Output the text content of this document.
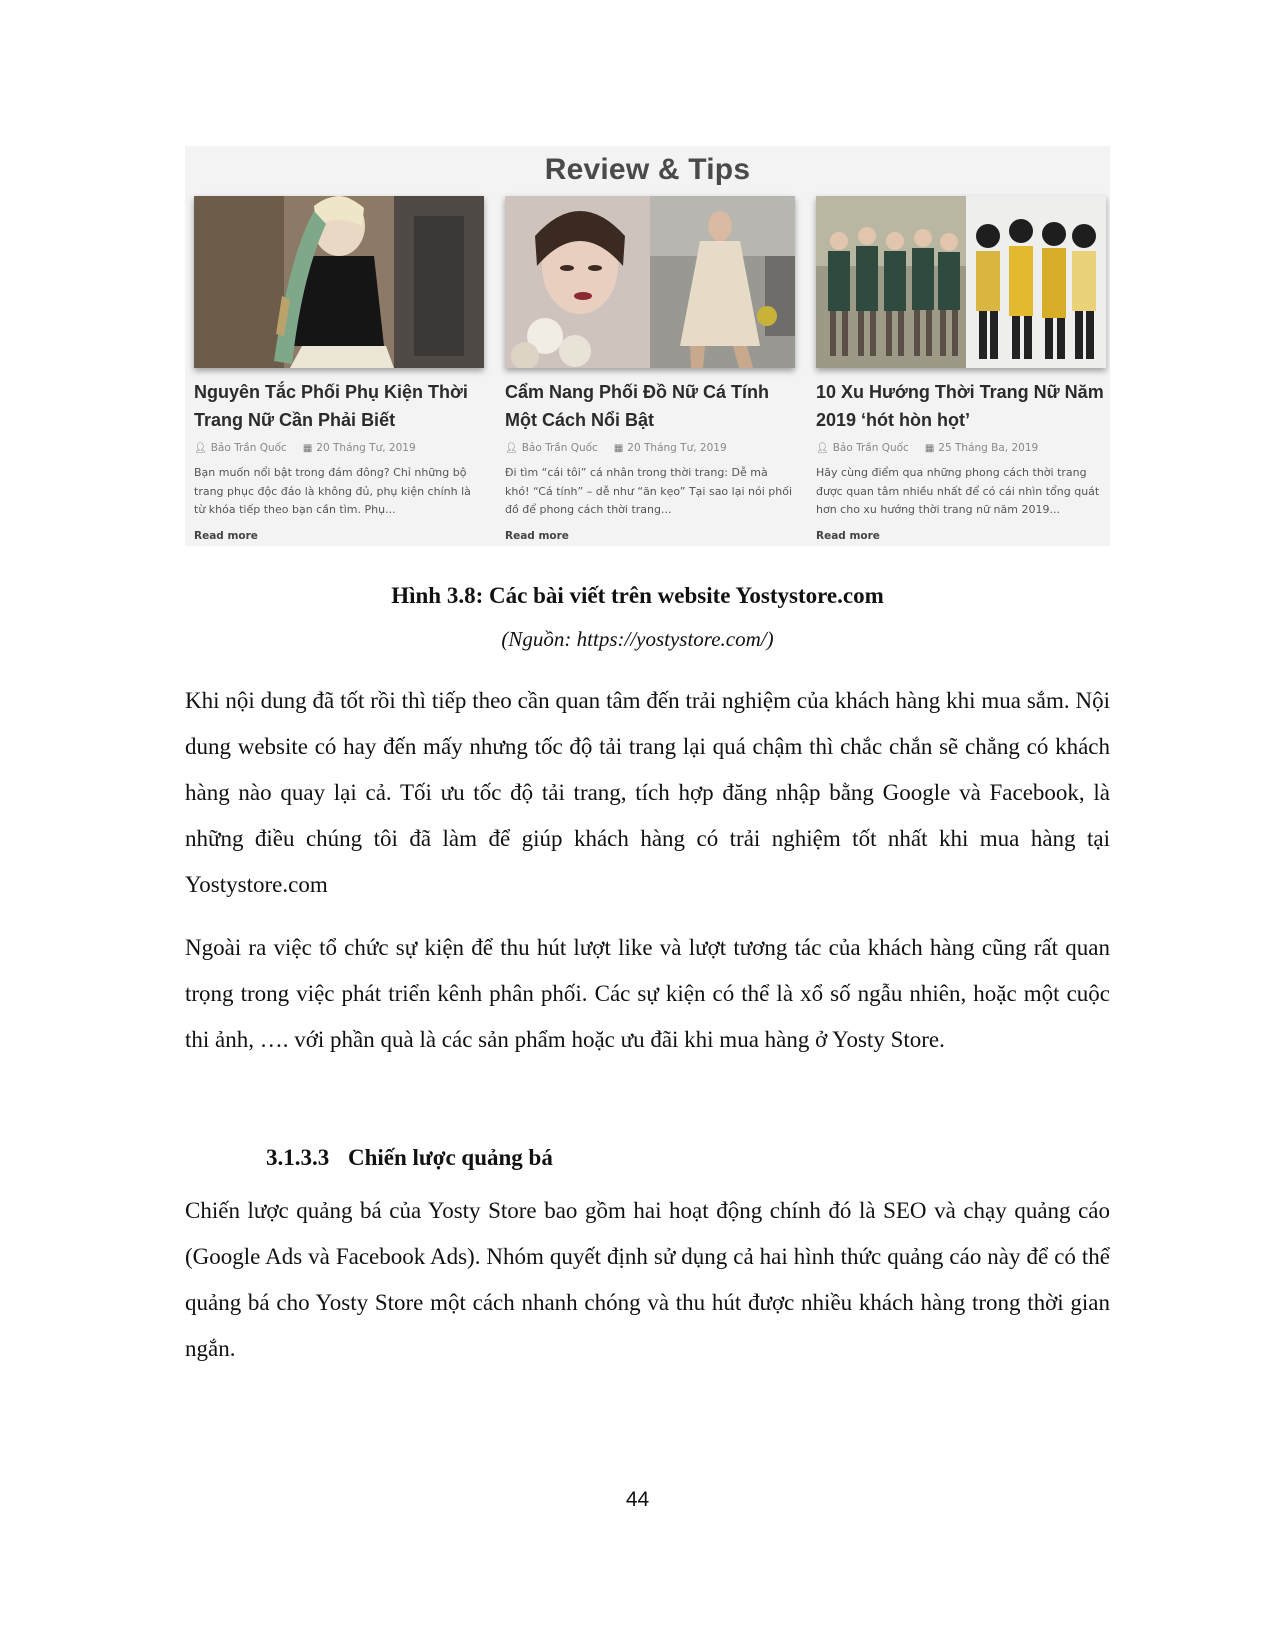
Review & Tips
Nguyên Tắc Phối Phụ Kiện Thời Trang Nữ Cần Phải Biết
👤︎ Bảo Trần Quốc ▦ 20 Tháng Tư, 2019
Bạn muốn nổi bật trong đám đông? Chỉ những bộ trang phục độc đáo là không đủ, phụ kiện chính là từ khóa tiếp theo bạn cần tìm. Phụ...
Read more
Cẩm Nang Phối Đồ Nữ Cá Tính Một Cách Nổi Bật
👤︎ Bảo Trần Quốc ▦ 20 Tháng Tư, 2019
Đi tìm “cái tôi” cá nhân trong thời trang: Dễ mà khó! “Cá tính” – dễ như “ăn kẹo” Tại sao lại nói phối đồ để phong cách thời trang...
Read more
10 Xu Hướng Thời Trang Nữ Năm 2019 ‘hót hòn họt’
👤︎ Bảo Trần Quốc ▦ 25 Tháng Ba, 2019
Hãy cùng điểm qua những phong cách thời trang được quan tâm nhiều nhất để có cái nhìn tổng quát hơn cho xu hướng thời trang nữ năm 2019...
Read more
Hình 3.8: Các bài viết trên website Yostystore.com
(Nguồn: https://yostystore.com/)
Khi nội dung đã tốt rồi thì tiếp theo cần quan tâm đến trải nghiệm của khách hàng khi mua sắm. Nội dung website có hay đến mấy nhưng tốc độ tải trang lại quá chậm thì chắc chắn sẽ chẳng có khách hàng nào quay lại cả. Tối ưu tốc độ tải trang, tích hợp đăng nhập bằng Google và Facebook, là những điều chúng tôi đã làm để giúp khách hàng có trải nghiệm tốt nhất khi mua hàng tại Yostystore.com
Ngoài ra việc tổ chức sự kiện để thu hút lượt like và lượt tương tác của khách hàng cũng rất quan trọng trong việc phát triển kênh phân phối. Các sự kiện có thể là xổ số ngẫu nhiên, hoặc một cuộc thi ảnh, …. với phần quà là các sản phẩm hoặc ưu đãi khi mua hàng ở Yosty Store.
3.1.3.3 Chiến lược quảng bá
Chiến lược quảng bá của Yosty Store bao gồm hai hoạt động chính đó là SEO và chạy quảng cáo (Google Ads và Facebook Ads). Nhóm quyết định sử dụng cả hai hình thức quảng cáo này để có thể quảng bá cho Yosty Store một cách nhanh chóng và thu hút được nhiều khách hàng trong thời gian ngắn.
44
